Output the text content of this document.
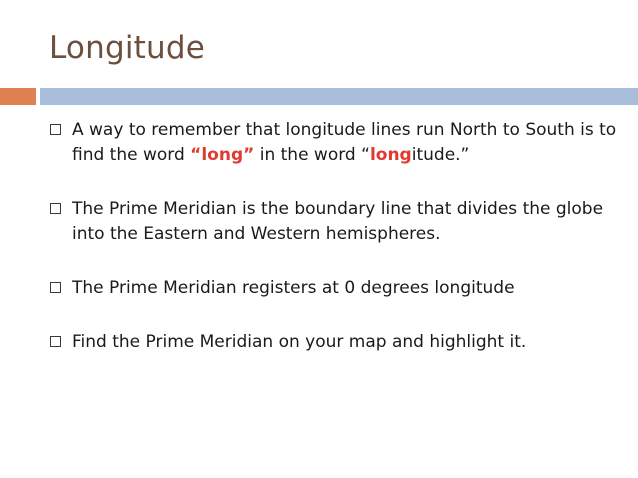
Longitude
A way to remember that longitude lines run North to South is to find the word “long” in the word “longitude.”
The Prime Meridian is the boundary line that divides the globe into the Eastern and Western hemispheres.
The Prime Meridian registers at 0 degrees longitude
Find the Prime Meridian on your map and highlight it.
